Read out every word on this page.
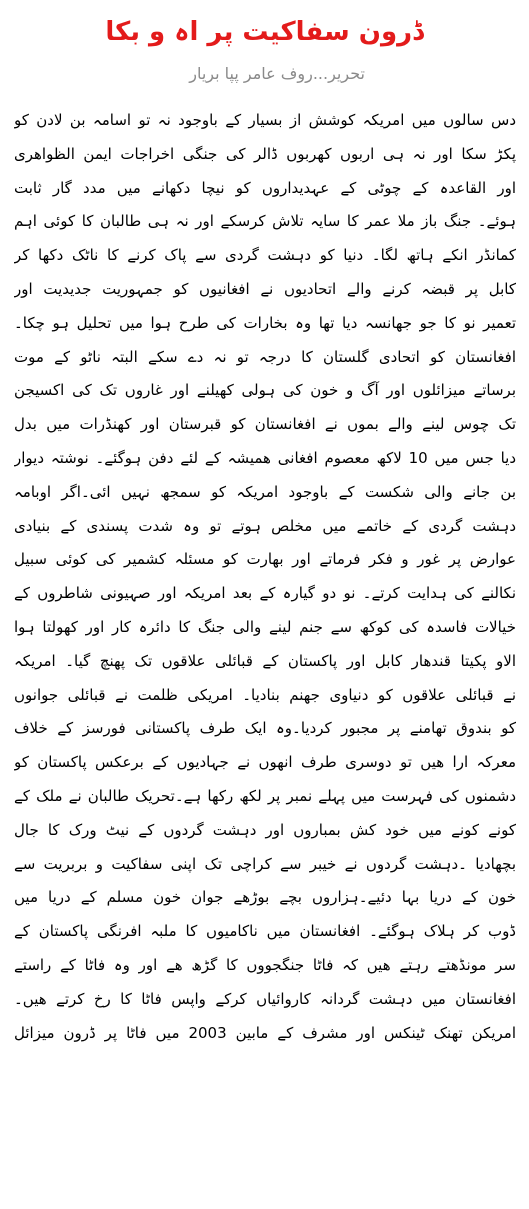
ڈرون سفاکیت پر اہ و بکا
تحریر...روف عامر پپا بریار
دس سالوں میں امریکہ کوشش از بسیار کے باوجود نہ تو اسامہ بن لادن کو
پکڑ سکا اور نہ ہی اربوں کھربوں ڈالر کی جنگی اخراجات ایمن الظواھری
اور القاعدہ کے چوٹی کے عہدیداروں کو نیچا دکھانے میں مدد گار ثابت
ہوئے۔ جنگ باز ملا عمر کا سایہ تلاش کرسکے اور نہ ہی طالبان کا کوئی اہم
کمانڈر انکے ہاتھ لگا۔ دنیا کو دہشت گردی سے پاک کرنے کا ناٹک دکھا کر
کابل پر قبضہ کرنے والے اتحادیوں نے افغانیوں کو جمہوریت جدیدیت اور
تعمیر نو کا جو جھانسہ دیا تھا وہ بخارات کی طرح ہوا میں تحلیل ہو چکا۔
افغانستان کو اتحادی گلستان کا درجہ تو نہ دے سکے البتہ ناٹو کے موت
برساتے میزائلوں اور آگ و خون کی ہولی کھیلنے اور غاروں تک کی اکسیجن
تک چوس لینے والے بموں نے افغانستان کو قبرستان اور کھنڈرات میں بدل
دیا جس میں 10 لاکھ معصوم افغانی ھمیشہ کے لئے دفن ہوگئے۔ نوشتہ دیوار
بن جانے والی شکست کے باوجود امریکہ کو سمجھ نہیں ائی۔اگر اوبامہ
دہشت گردی کے خاتمے میں مخلص ہوتے تو وہ شدت پسندی کے بنیادی
عوارض پر غور و فکر فرماتے اور بھارت کو مسئلہ کشمیر کی کوئی سبیل
نکالنے کی ہدایت کرتے۔ نو دو گیارہ کے بعد امریکہ اور صہیونی شاطروں کے
خیالات فاسدہ کی کوکھ سے جنم لینے والی جنگ کا دائرہ کار اور کھولتا ہوا
الاو پکیتا قندھار کابل اور پاکستان کے قبائلی علاقوں تک پھنچ گیا۔ امریکہ
نے قبائلی علاقوں کو دنیاوی جھنم بنادیا۔ امریکی ظلمت نے قبائلی جوانوں
کو بندوق تھامنے پر مجبور کردیا۔وہ ایک طرف پاکستانی فورسز کے خلاف
معرکہ ارا ھیں تو دوسری طرف انھوں نے جہادیوں کے برعکس پاکستان کو
دشمنوں کی فہرست میں پہلے نمبر پر لکھ رکھا ہے۔تحریک طالبان نے ملک کے
کونے کونے میں خود کش بمباروں اور دہشت گردوں کے نیٹ ورک کا جال
بچھادیا ۔دہشت گردوں نے خیبر سے کراچی تک اپنی سفاکیت و بربریت سے
خون کے دریا بہا دئیے۔ہزاروں بچے بوڑھے جوان خون مسلم کے دریا میں
ڈوب کر ہلاک ہوگئے۔ افغانستان میں ناکامیوں کا ملبہ افرنگی پاکستان کے
سر مونڈھتے رہتے ھیں کہ فاٹا جنگجووں کا گڑھ ھے اور وہ فاٹا کے راستے
افغانستان میں دہشت گردانہ کاروائیاں کرکے واپس فاٹا کا رخ کرتے ھیں۔
امریکن تھنک ٹینکس اور مشرف کے مابین 2003 میں فاٹا پر ڈرون میزائل
